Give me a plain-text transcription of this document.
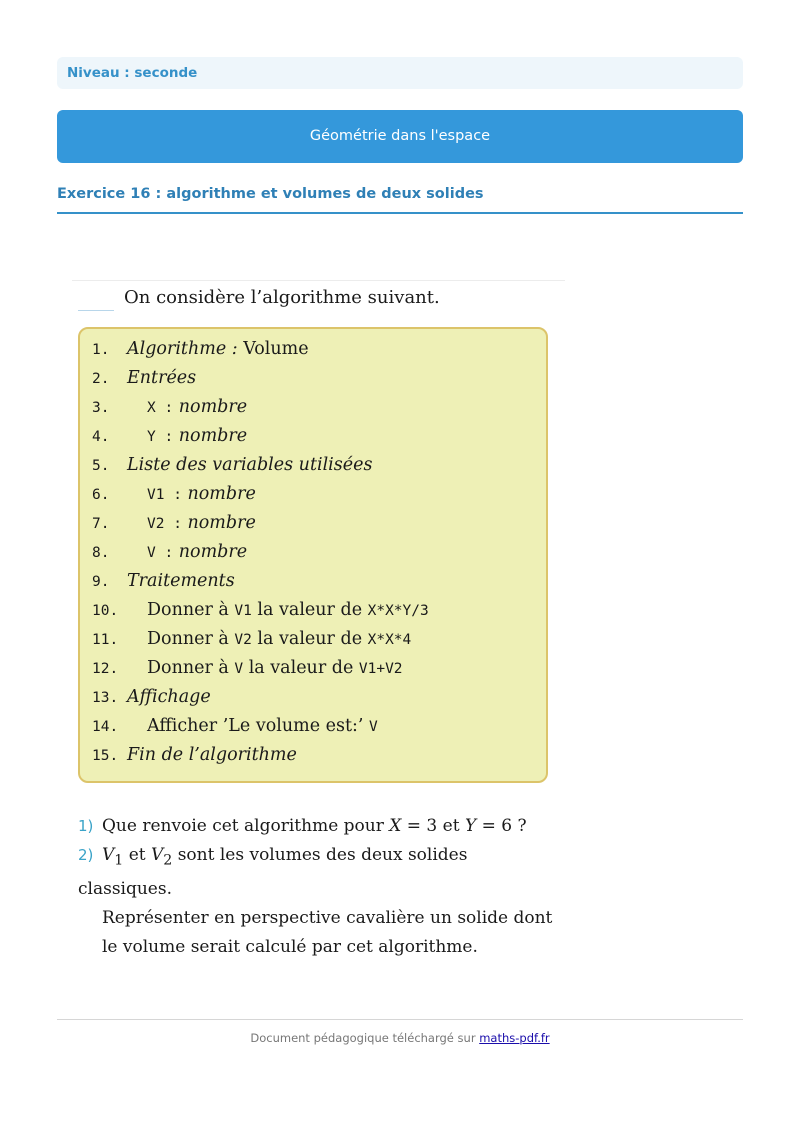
Niveau : seconde
Géométrie dans l'espace
Exercice 16 : algorithme et volumes de deux solides

On considère l’algorithme suivant.

1. Algorithme : Volume
2. Entrées
3.	X : nombre
4.	Y : nombre
5. Liste des variables utilisées
6.	V1 : nombre
7.	V2 : nombre
8.	V : nombre
9. Traitements
10. Donner à V1 la valeur de X*X*Y/3
11. Donner à V2 la valeur de X*X*4
12. Donner à V la valeur de V1+V2
13. Affichage
14. Afficher ’Le volume est:’ V
15. Fin de l’algorithme

1) Que renvoie cet algorithme pour X = 3 et Y = 6 ?

2) $V_1$ et $V_2$ sont les volumes des deux solides classiques.
Représenter en perspective cavalière un solide dont
le volume serait calculé par cet algorithme.

Document pédagogique téléchargé sur maths-pdf.fr
